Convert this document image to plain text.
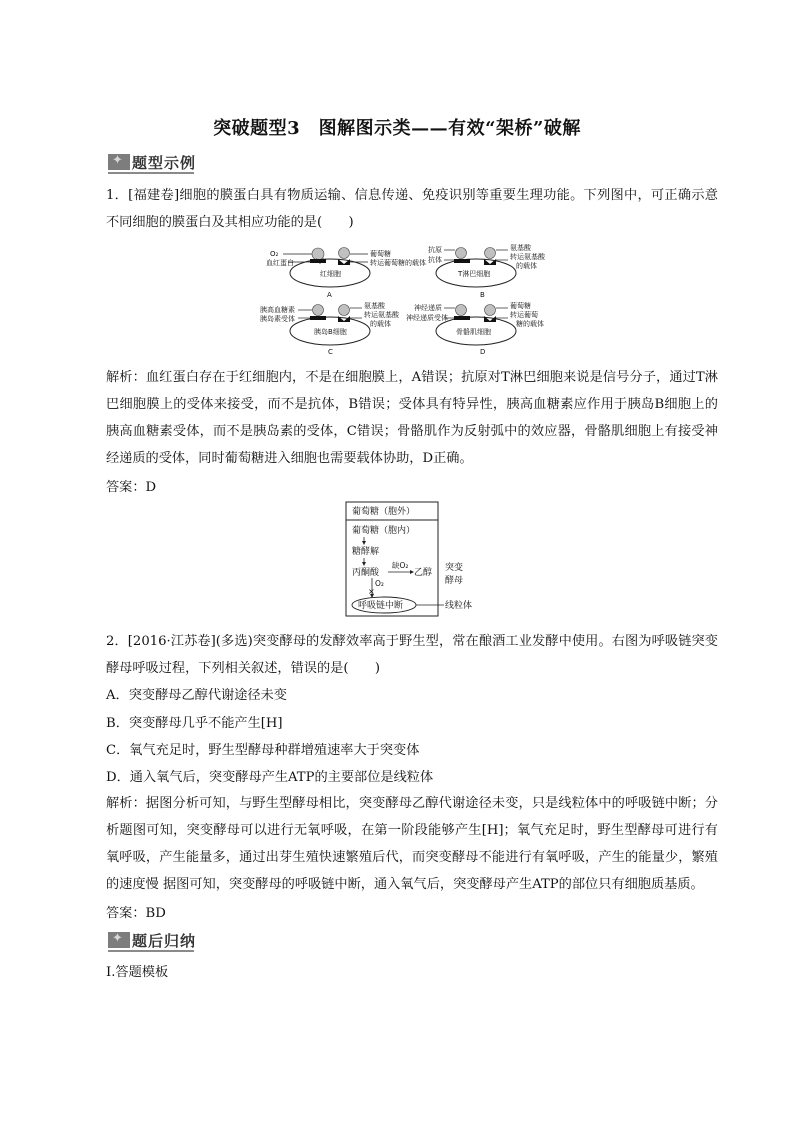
突破题型3　图解图示类——有效“架桥”破解
✦
题型示例
1．[福建卷]细胞的膜蛋白具有物质运输、信息传递、免疫识别等重要生理功能。下列图中，可正确示意不同细胞的膜蛋白及其相应功能的是(　　)
O₂
血红蛋白
葡萄糖
转运葡萄糖的载体
红细胞
A
抗原
抗体
氨基酸
转运氨基酸
的载体
T淋巴细胞
B
胰高血糖素
胰岛素受体
氨基酸
转运氨基酸
的载体
胰岛B细胞
C
神经递质
神经递质受体
葡萄糖
转运葡萄
糖的载体
骨骼肌细胞
D
解析：血红蛋白存在于红细胞内，不是在细胞膜上，A错误；抗原对T淋巴细胞来说是信号分子，通过T淋巴细胞膜上的受体来接受，而不是抗体，B错误；受体具有特异性，胰高血糖素应作用于胰岛B细胞上的胰高血糖素受体，而不是胰岛素的受体，C错误；骨骼肌作为反射弧中的效应器，骨骼肌细胞上有接受神经递质的受体，同时葡萄糖进入细胞也需要载体协助，D正确。
答案：D
葡萄糖（胞外）
葡萄糖（胞内）
糖酵解
丙酮酸
缺O₂
乙醇
O₂
×
呼吸链中断
突变
酵母
线粒体
2．[2016·江苏卷](多选)突变酵母的发酵效率高于野生型，常在酿酒工业发酵中使用。右图为呼吸链突变酵母呼吸过程，下列相关叙述，错误的是(　　)
A．突变酵母乙醇代谢途径未变
B．突变酵母几乎不能产生[H]
C．氧气充足时，野生型酵母种群增殖速率大于突变体
D．通入氧气后，突变酵母产生ATP的主要部位是线粒体
解析：据图分析可知，与野生型酵母相比，突变酵母乙醇代谢途径未变，只是线粒体中的呼吸链中断；分析题图可知，突变酵母可以进行无氧呼吸，在第一阶段能够产生[H]；氧气充足时，野生型酵母可进行有氧呼吸，产生能量多，通过出芽生殖快速繁殖后代，而突变酵母不能进行有氧呼吸，产生的能量少，繁殖的速度慢 据图可知，突变酵母的呼吸链中断，通入氧气后，突变酵母产生ATP的部位只有细胞质基质。
答案：BD
✦
题后归纳
Ⅰ.答题模板
